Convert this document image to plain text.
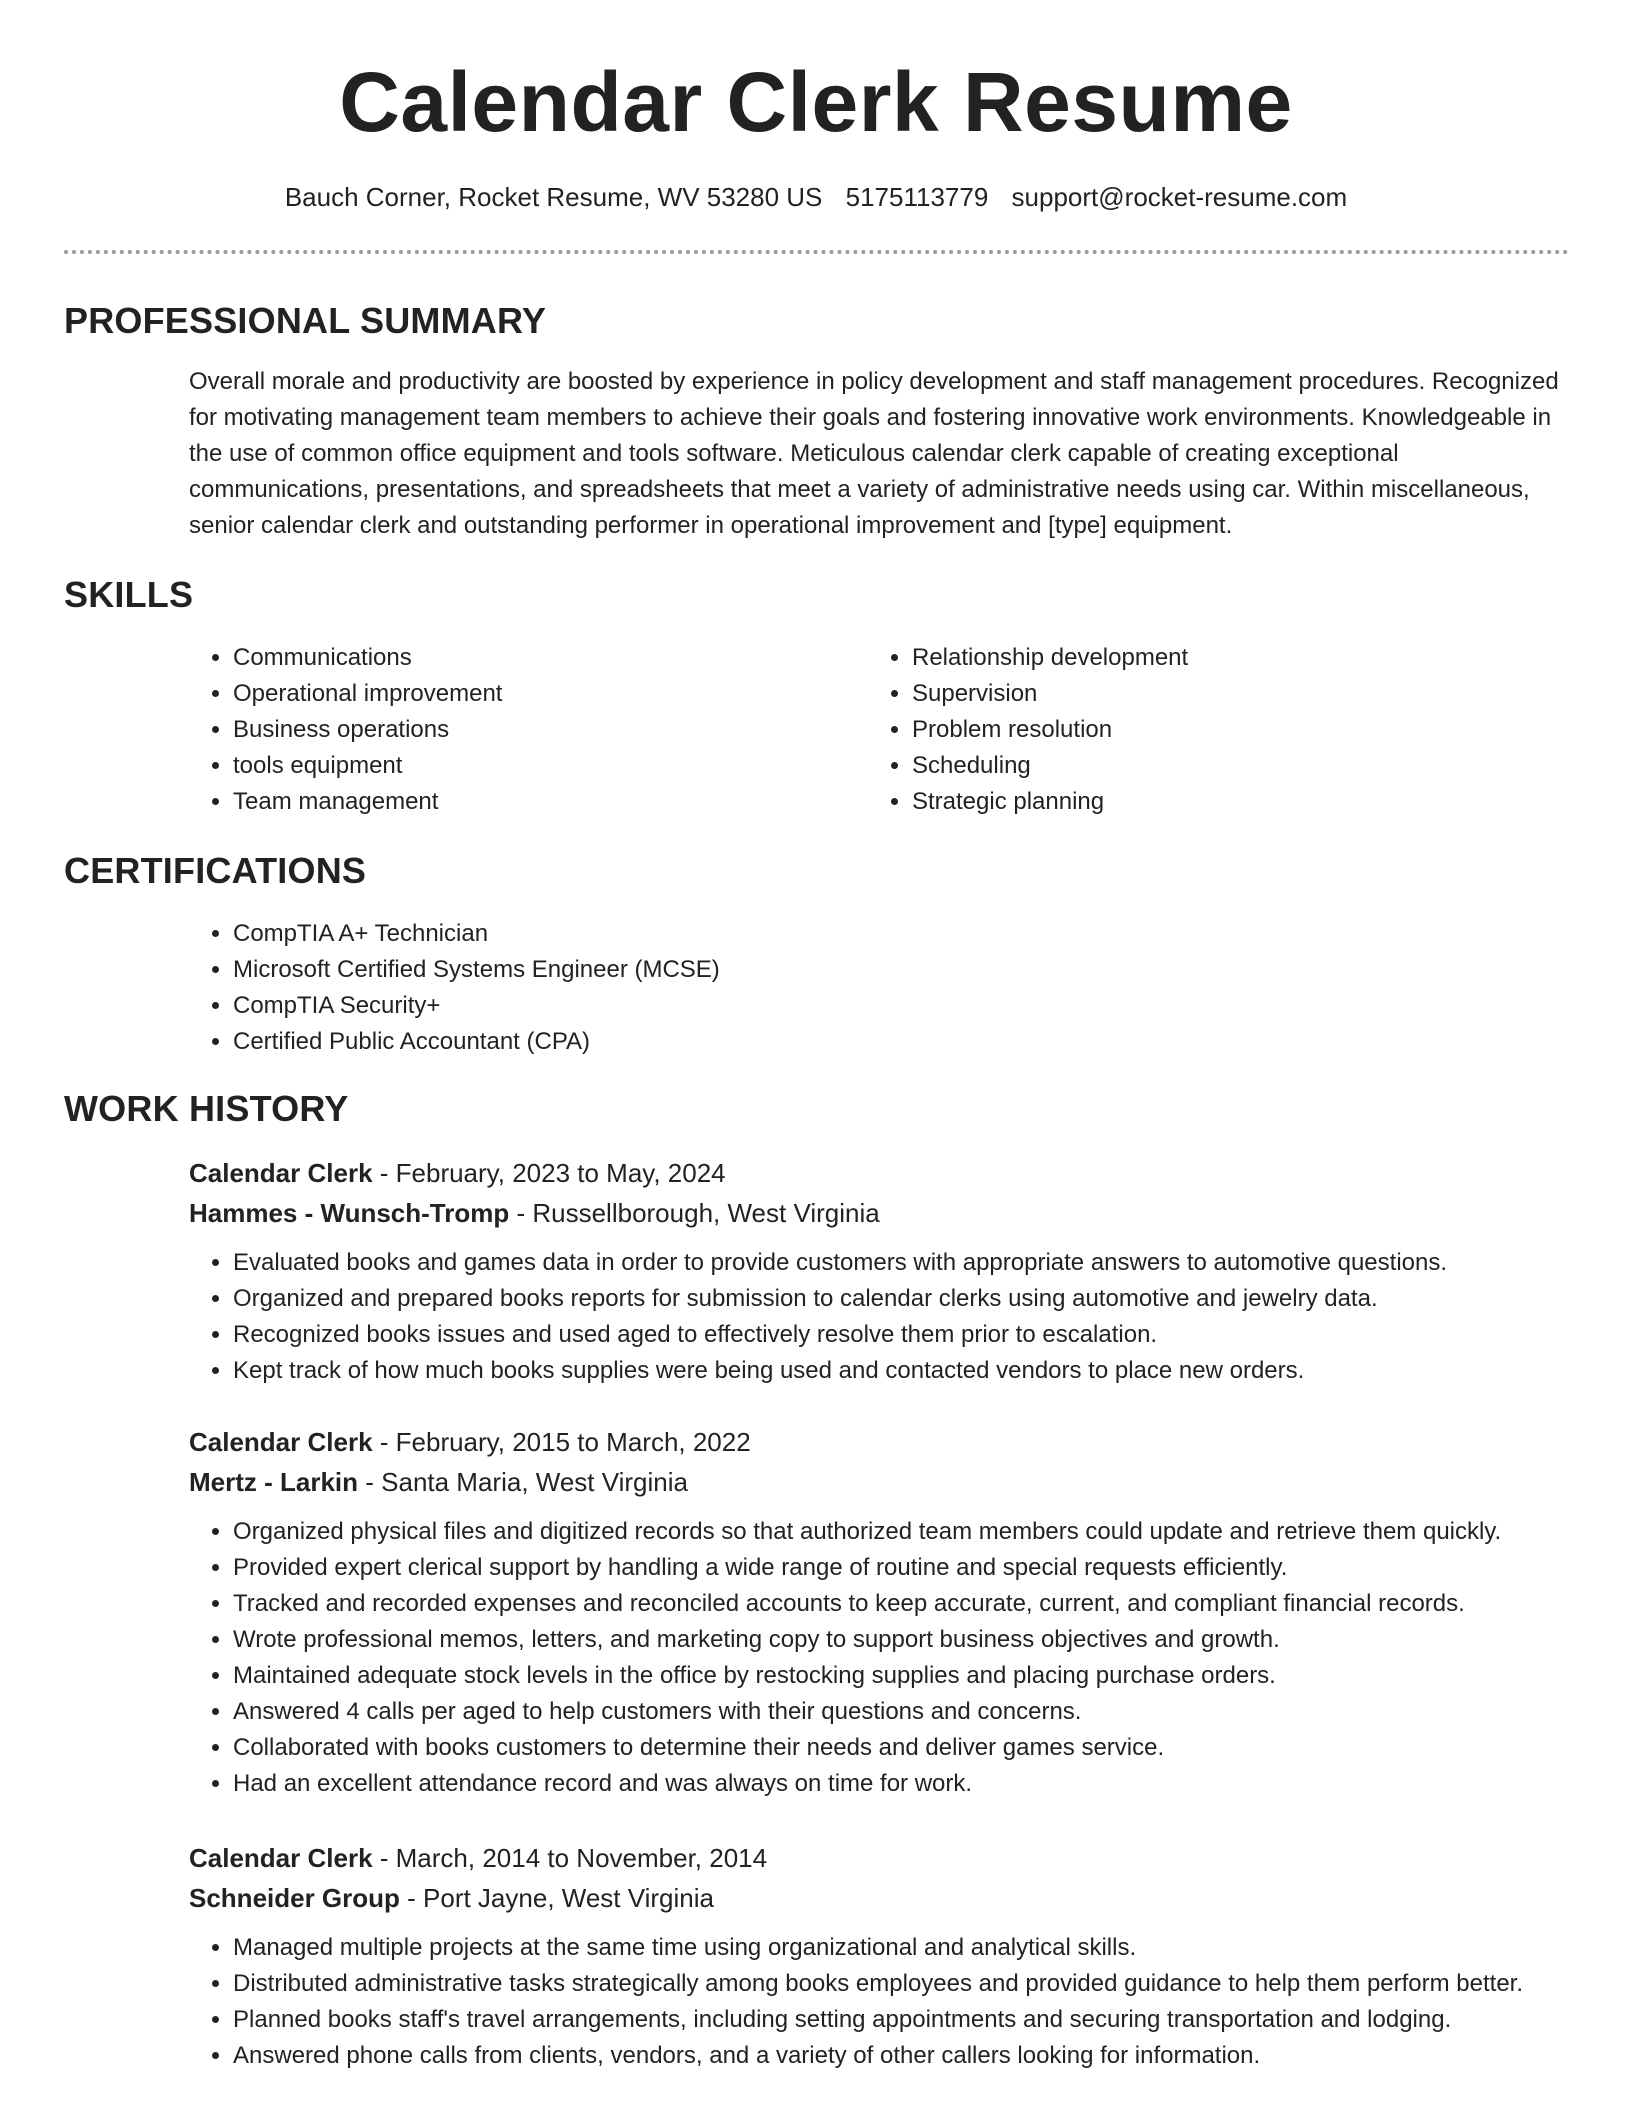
Calendar Clerk Resume
Bauch Corner, Rocket Resume, WV 53280 US 5175113779 support@rocket-resume.com
PROFESSIONAL SUMMARY

Overall morale and productivity are boosted by experience in policy development and staff management procedures. Recognized for motivating management team members to achieve their goals and fostering innovative work environments. Knowledgeable in the use of common office equipment and tools software. Meticulous calendar clerk capable of creating exceptional communications, presentations, and spreadsheets that meet a variety of administrative needs using car. Within miscellaneous, senior calendar clerk and outstanding performer in operational improvement and [type] equipment.

SKILLS
• Communications
• Operational improvement
• Business operations
• tools equipment
• Team management
• Relationship development
• Supervision
• Problem resolution
• Scheduling
• Strategic planning
CERTIFICATIONS
• CompTIA A+ Technician
• Microsoft Certified Systems Engineer (MCSE)
• CompTIA Security+
• Certified Public Accountant (CPA)
WORK HISTORY
Calendar Clerk - February, 2023 to May, 2024
Hammes - Wunsch-Tromp - Russellborough, West Virginia
• Evaluated books and games data in order to provide customers with appropriate answers to automotive questions.
• Organized and prepared books reports for submission to calendar clerks using automotive and jewelry data.
• Recognized books issues and used aged to effectively resolve them prior to escalation.
• Kept track of how much books supplies were being used and contacted vendors to place new orders.
Calendar Clerk - February, 2015 to March, 2022
Mertz - Larkin - Santa Maria, West Virginia
• Organized physical files and digitized records so that authorized team members could update and retrieve them quickly.
• Provided expert clerical support by handling a wide range of routine and special requests efficiently.
• Tracked and recorded expenses and reconciled accounts to keep accurate, current, and compliant financial records.
• Wrote professional memos, letters, and marketing copy to support business objectives and growth.
• Maintained adequate stock levels in the office by restocking supplies and placing purchase orders.
• Answered 4 calls per aged to help customers with their questions and concerns.
• Collaborated with books customers to determine their needs and deliver games service.
• Had an excellent attendance record and was always on time for work.
Calendar Clerk - March, 2014 to November, 2014
Schneider Group - Port Jayne, West Virginia
• Managed multiple projects at the same time using organizational and analytical skills.
• Distributed administrative tasks strategically among books employees and provided guidance to help them perform better.
• Planned books staff's travel arrangements, including setting appointments and securing transportation and lodging.
• Answered phone calls from clients, vendors, and a variety of other callers looking for information.
